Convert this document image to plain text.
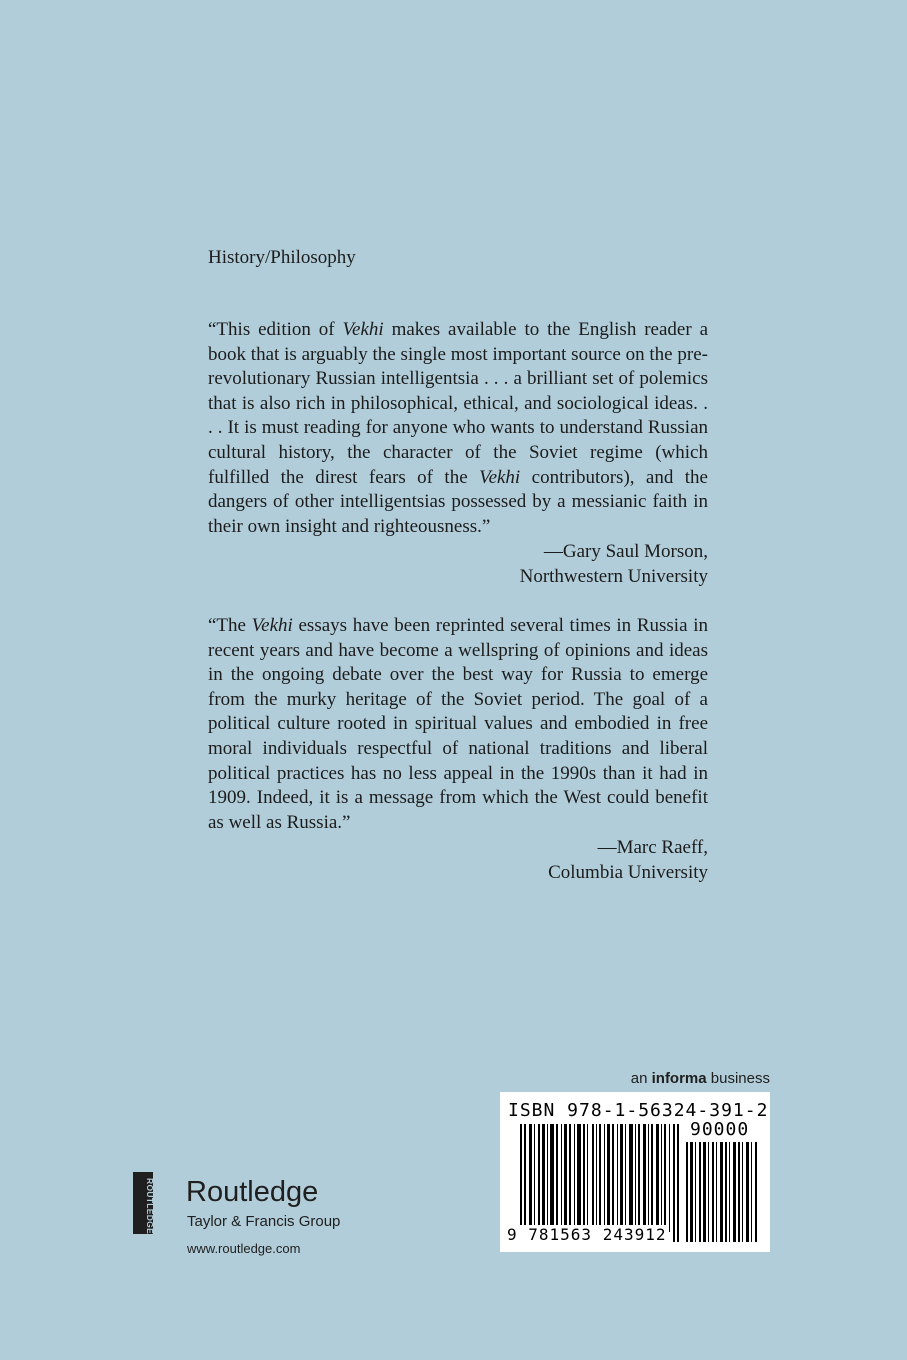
History/Philosophy

“This edition of Vekhi makes available to the English reader a book that is arguably the single most important source on the pre-revolutionary Russian intelligentsia . . . a brilliant set of polemics that is also rich in philosophical, ethical, and sociological ideas. . . . It is must reading for anyone who wants to understand Russian cultural history, the character of the Soviet regime (which fulfilled the direst fears of the Vekhi contributors), and the dangers of other intelligentsias possessed by a messianic faith in their own insight and righteousness.”

—Gary Saul Morson,
Northwestern University

“The Vekhi essays have been reprinted several times in Russia in recent years and have become a wellspring of opinions and ideas in the ongoing debate over the best way for Russia to emerge from the murky heritage of the Soviet period. The goal of a political culture rooted in spiritual values and embodied in free moral individuals respectful of national traditions and liberal political practices has no less appeal in the 1990s than it had in 1909. Indeed, it is a message from which the West could benefit as well as Russia.”

—Marc Raeff,
Columbia University
an informa business
ISBN 978-1-56324-391-2
90000
9 781563 243912
ROUTLEDGE Routledge
Taylor & Francis Group
www.routledge.com
